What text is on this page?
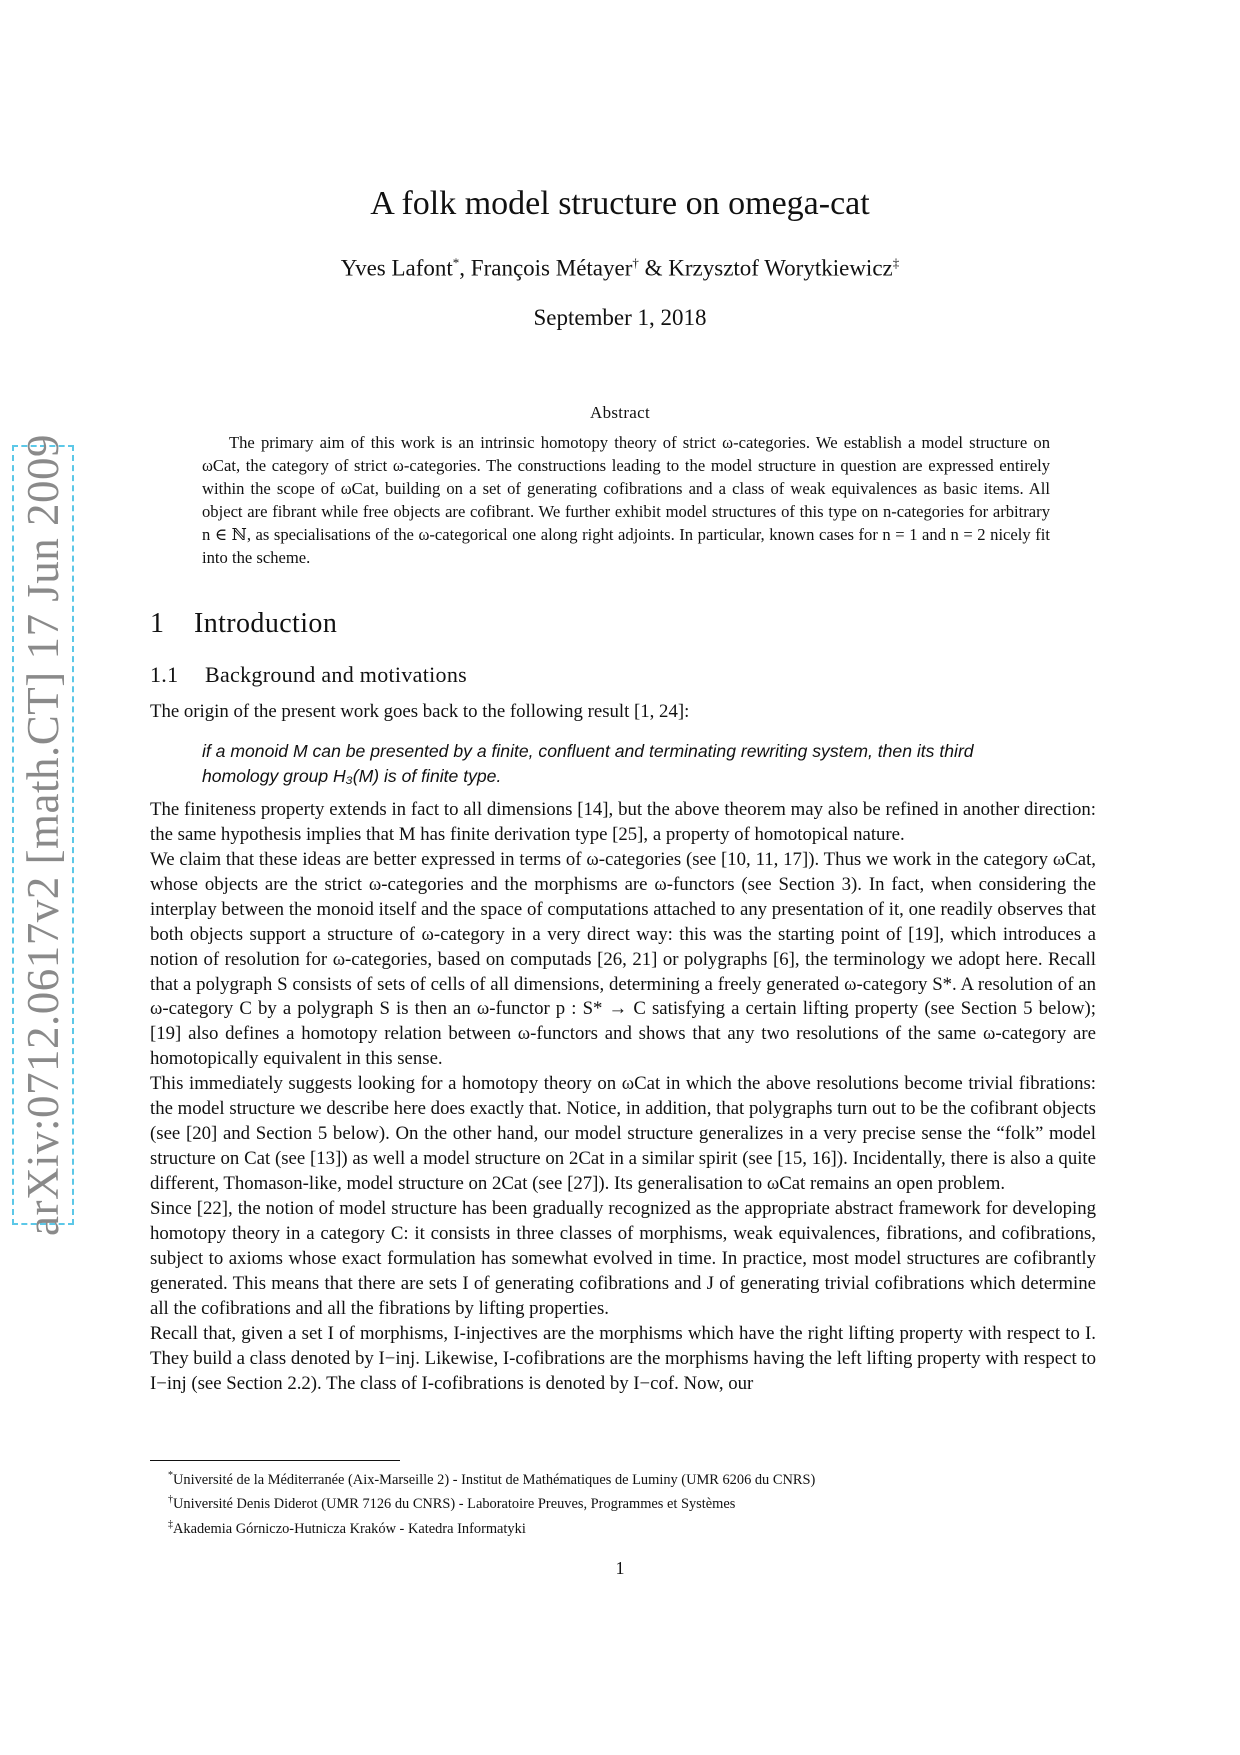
arXiv:0712.0617v2 [math.CT] 17 Jun 2009
A folk model structure on omega-cat
Yves Lafont*, François Métayer† & Krzysztof Worytkiewicz‡
September 1, 2018
Abstract

The primary aim of this work is an intrinsic homotopy theory of strict ω-categories. We establish a model structure on ωCat, the category of strict ω-categories. The constructions leading to the model structure in question are expressed entirely within the scope of ωCat, building on a set of generating cofibrations and a class of weak equivalences as basic items. All object are fibrant while free objects are cofibrant. We further exhibit model structures of this type on n-categories for arbitrary n ∈ ℕ, as specialisations of the ω-categorical one along right adjoints. In particular, known cases for n = 1 and n = 2 nicely fit into the scheme.

1 Introduction
1.1 Background and motivations

The origin of the present work goes back to the following result [1, 24]:

if a monoid M can be presented by a finite, confluent and terminating rewriting system, then its third homology group H₃(M) is of finite type.

The finiteness property extends in fact to all dimensions [14], but the above theorem may also be refined in another direction: the same hypothesis implies that M has finite derivation type [25], a property of homotopical nature.

We claim that these ideas are better expressed in terms of ω-categories (see [10, 11, 17]). Thus we work in the category ωCat, whose objects are the strict ω-categories and the morphisms are ω-functors (see Section 3). In fact, when considering the interplay between the monoid itself and the space of computations attached to any presentation of it, one readily observes that both objects support a structure of ω-category in a very direct way: this was the starting point of [19], which introduces a notion of resolution for ω-categories, based on computads [26, 21] or polygraphs [6], the terminology we adopt here. Recall that a polygraph S consists of sets of cells of all dimensions, determining a freely generated ω-category S*. A resolution of an ω-category C by a polygraph S is then an ω-functor p : S* → C satisfying a certain lifting property (see Section 5 below); [19] also defines a homotopy relation between ω-functors and shows that any two resolutions of the same ω-category are homotopically equivalent in this sense.

This immediately suggests looking for a homotopy theory on ωCat in which the above resolutions become trivial fibrations: the model structure we describe here does exactly that. Notice, in addition, that polygraphs turn out to be the cofibrant objects (see [20] and Section 5 below). On the other hand, our model structure generalizes in a very precise sense the “folk” model structure on Cat (see [13]) as well a model structure on 2Cat in a similar spirit (see [15, 16]). Incidentally, there is also a quite different, Thomason-like, model structure on 2Cat (see [27]). Its generalisation to ωCat remains an open problem.

Since [22], the notion of model structure has been gradually recognized as the appropriate abstract framework for developing homotopy theory in a category C: it consists in three classes of morphisms, weak equivalences, fibrations, and cofibrations, subject to axioms whose exact formulation has somewhat evolved in time. In practice, most model structures are cofibrantly generated. This means that there are sets I of generating cofibrations and J of generating trivial cofibrations which determine all the cofibrations and all the fibrations by lifting properties.

Recall that, given a set I of morphisms, I-injectives are the morphisms which have the right lifting property with respect to I. They build a class denoted by I−inj. Likewise, I-cofibrations are the morphisms having the left lifting property with respect to I−inj (see Section 2.2). The class of I-cofibrations is denoted by I−cof. Now, our

*Université de la Méditerranée (Aix-Marseille 2) - Institut de Mathématiques de Luminy (UMR 6206 du CNRS)
†Université Denis Diderot (UMR 7126 du CNRS) - Laboratoire Preuves, Programmes et Systèmes
‡Akademia Górniczo-Hutnicza Kraków - Katedra Informatyki
1
